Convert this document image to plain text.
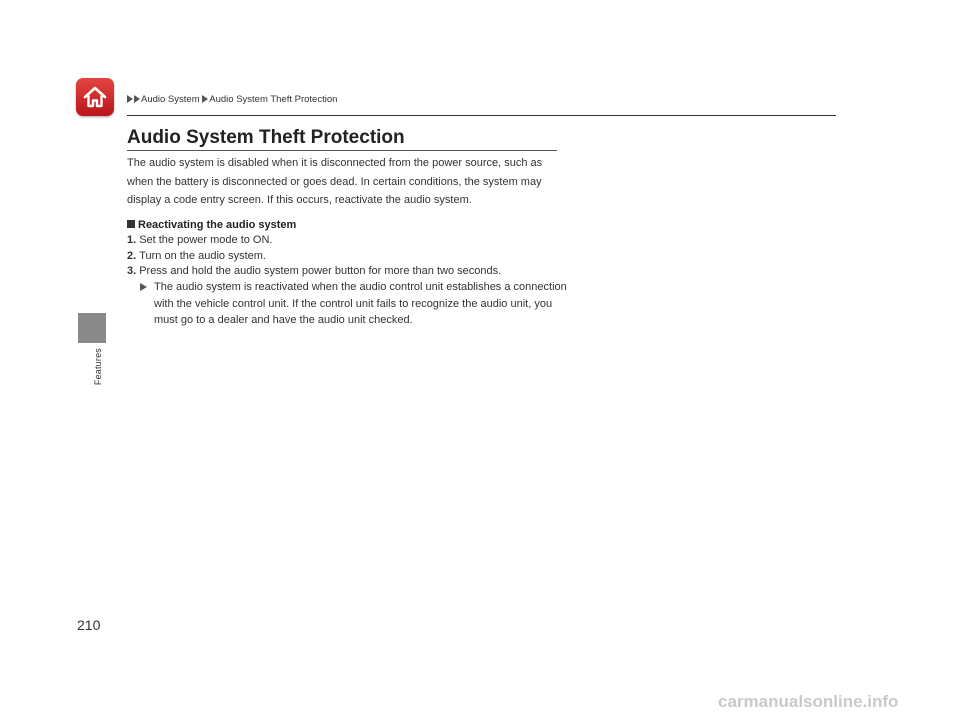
Audio System Audio System Theft Protection
Features
Audio System Theft Protection

The audio system is disabled when it is disconnected from the power source, such as when the battery is disconnected or goes dead. In certain conditions, the system may display a code entry screen. If this occurs, reactivate the audio system.

Reactivating the audio system

1. Set the power mode to ON.
2. Turn on the audio system.
3. Press and hold the audio system power button for more than two seconds.
The audio system is reactivated when the audio control unit establishes a connection with the vehicle control unit. If the control unit fails to recognize the audio unit, you must go to a dealer and have the audio unit checked.
210
carmanualsonline.info
